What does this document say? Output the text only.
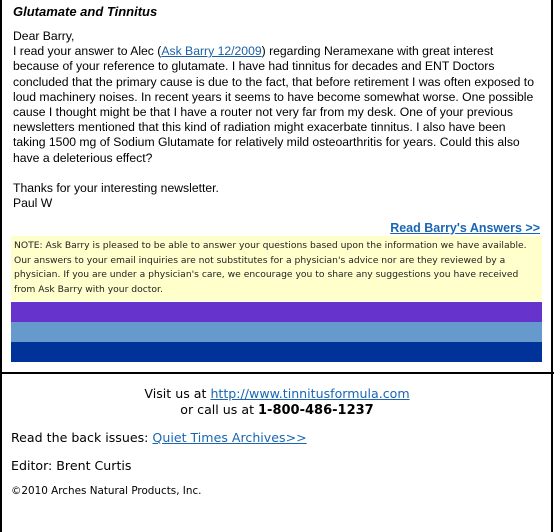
Glutamate and Tinnitus

Dear Barry,

I read your answer to Alec (Ask Barry 12/2009) regarding Neramexane with great interest because of your reference to glutamate. I have had tinnitus for decades and ENT Doctors concluded that the primary cause is due to the fact, that before retirement I was often exposed to loud machinery noises. In recent years it seems to have become somewhat worse. One possible cause I thought might be that I have a router not very far from my desk. One of your previous newsletters mentioned that this kind of radiation might exacerbate tinnitus. I also have been taking 1500 mg of Sodium Glutamate for relatively mild osteoarthritis for years. Could this also have a deleterious effect?

Thanks for your interesting newsletter.

Paul W

Read Barry's Answers >>
NOTE: Ask Barry is pleased to be able to answer your questions based upon the information we have available. Our answers to your email inquiries are not substitutes for a physician's advice nor are they reviewed by a physician. If you are under a physician's care, we encourage you to share any suggestions you have received from Ask Barry with your doctor.
Visit us at http://www.tinnitusformula.com
or call us at 1-800-486-1237
Read the back issues: Quiet Times Archives>>
Editor: Brent Curtis
©2010 Arches Natural Products, Inc.
